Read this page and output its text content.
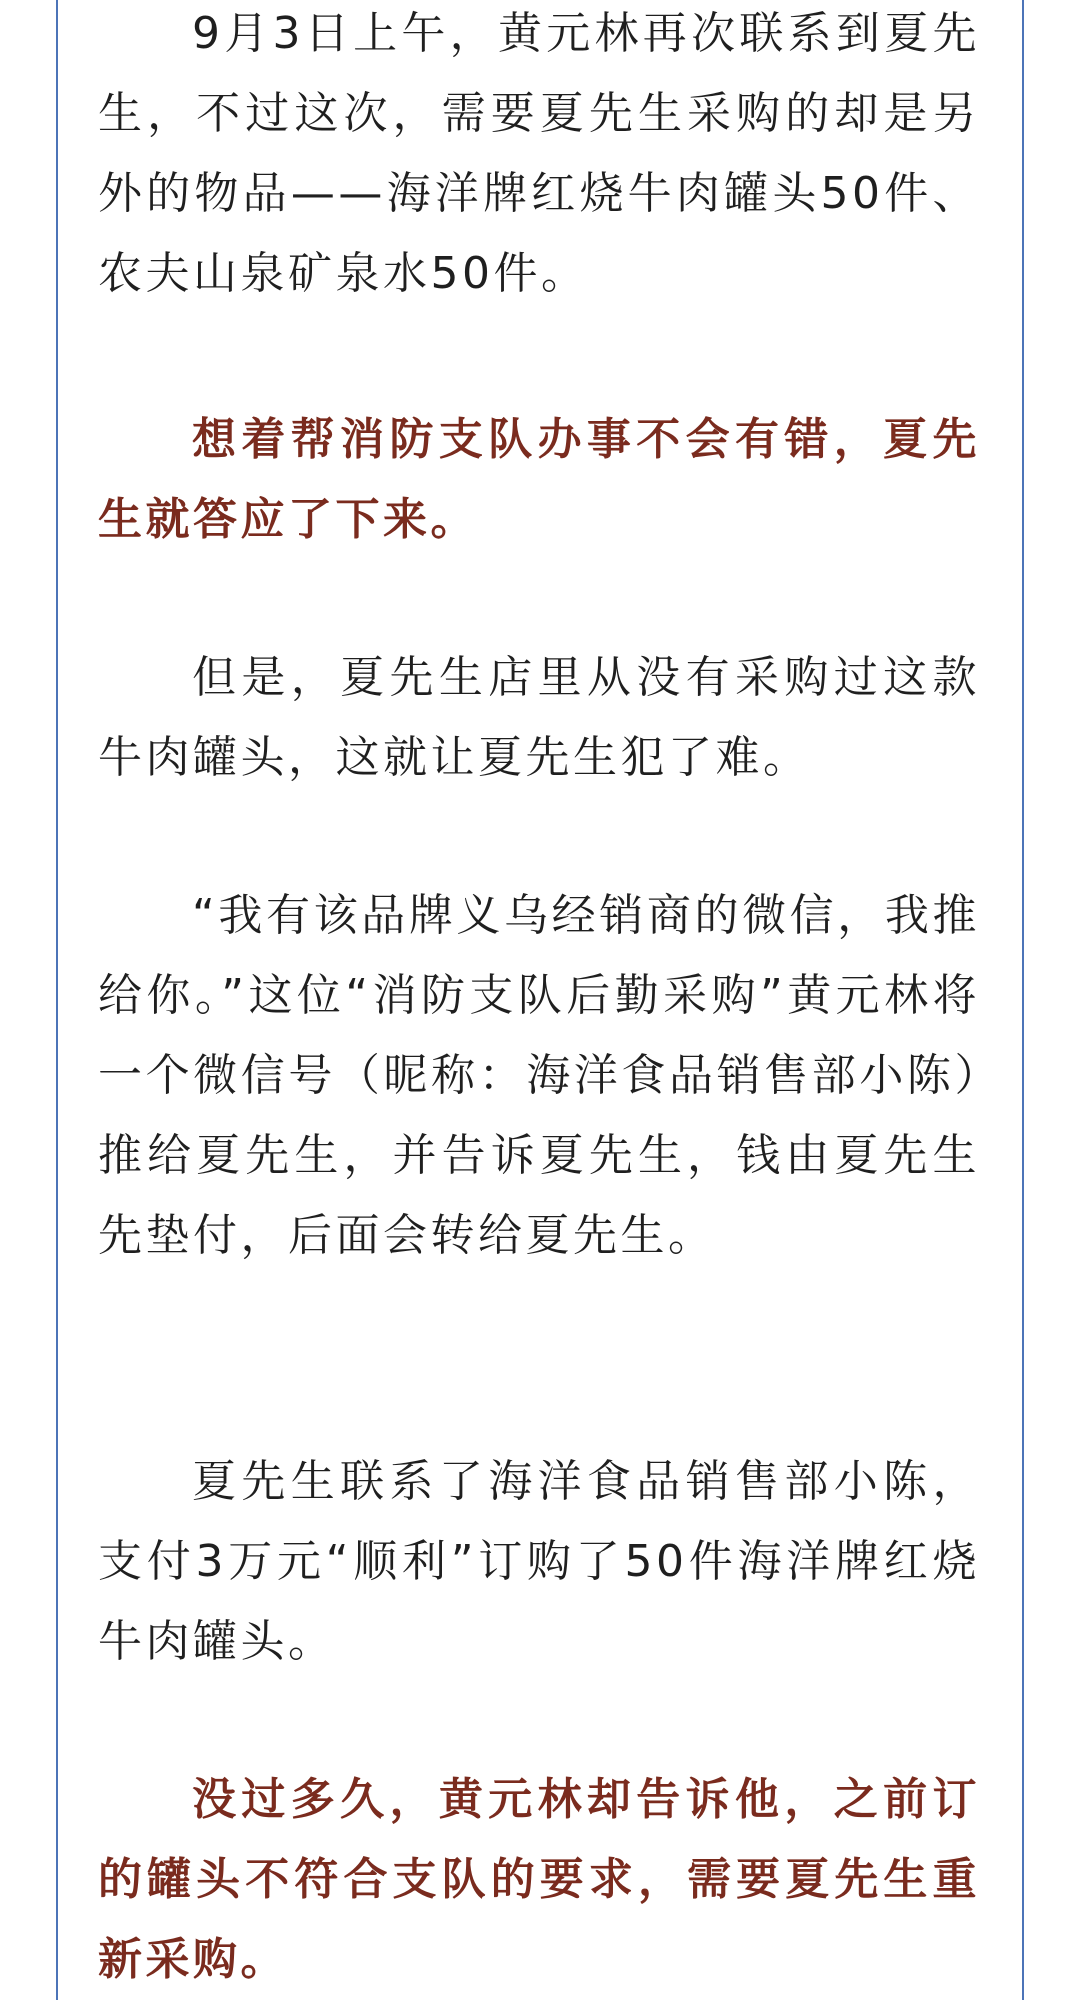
9月3日上午，黄元林再次联系到夏先生，不过这次，需要夏先生采购的却是另外的物品——海洋牌红烧牛肉罐头50件、农夫山泉矿泉水50件。

想着帮消防支队办事不会有错，夏先生就答应了下来。

但是，夏先生店里从没有采购过这款牛肉罐头，这就让夏先生犯了难。

“我有该品牌义乌经销商的微信，我推给你。”这位“消防支队后勤采购”黄元林将一个微信号（昵称：海洋食品销售部小陈）推给夏先生，并告诉夏先生，钱由夏先生先垫付，后面会转给夏先生。

夏先生联系了海洋食品销售部小陈，支付3万元“顺利”订购了50件海洋牌红烧牛肉罐头。

没过多久，黄元林却告诉他，之前订的罐头不符合支队的要求，需要夏先生重新采购。
